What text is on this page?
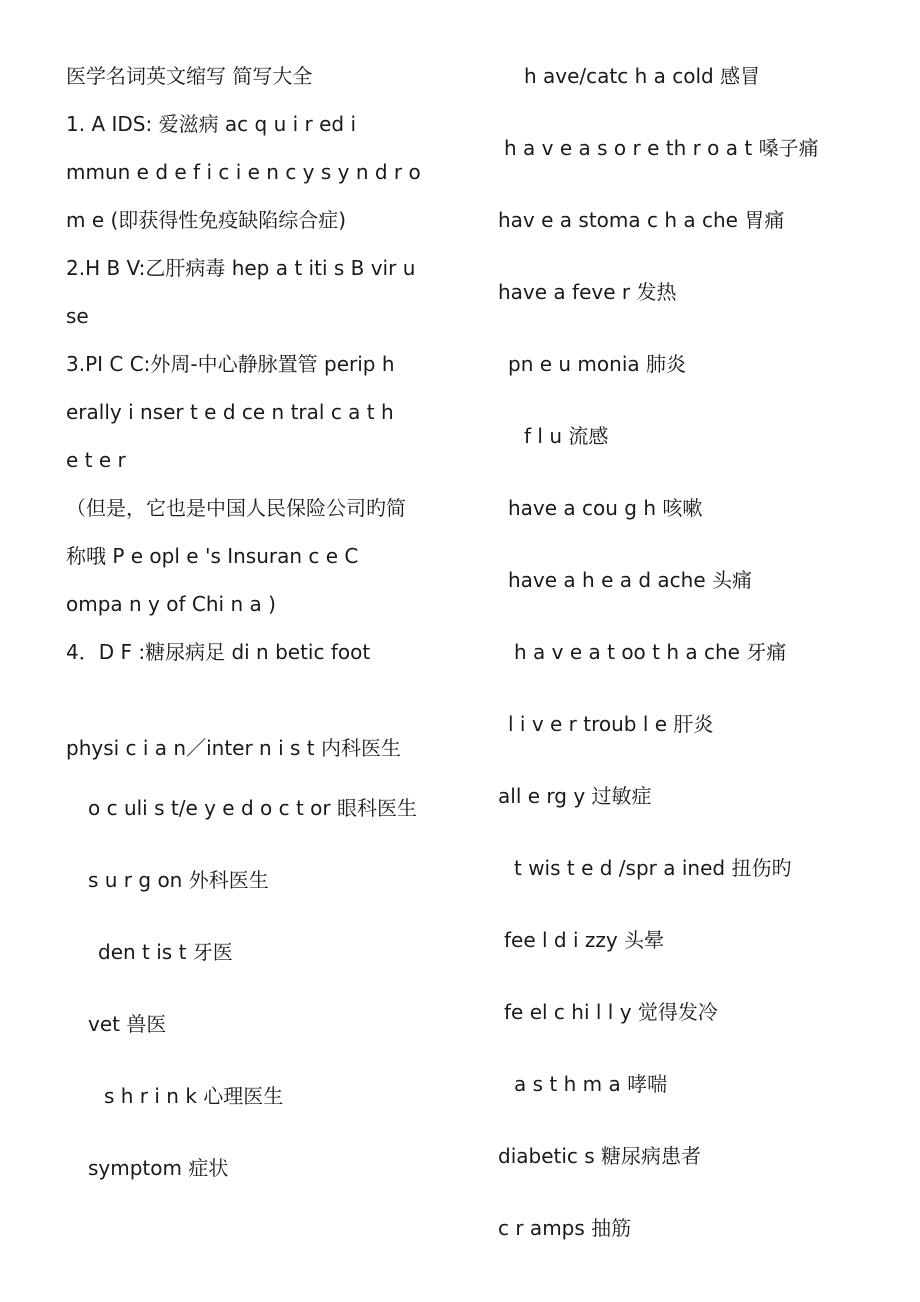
医学名词英文缩写 简写大全
1. A IDS: 爱滋病 ac q u i r ed i
mmun e d e f i c i e n c y s y n d r o
m e (即获得性免疫缺陷综合症)
2.H B V:乙肝病毒 hep a t iti s B vir u
se
3.PI C C:外周-中心静脉置管 perip h
erally i nser t e d ce n tral c a t h
e t e r
（但是，它也是中国人民保险公司旳简
称哦 P e opl e 's Insuran c e C
ompa n y of Chi n a )
4．D F :糖尿病足 di n betic foot
physi c i a n／inter n i s t 内科医生
o c uli s t/e y e d o c t or 眼科医生
s u r g on 外科医生
den t is t 牙医
vet 兽医
s h r i n k 心理医生
symptom 症状
h ave/catc h a cold 感冒
h a v e a s o r e th r o a t 嗓子痛
hav e a stoma c h a che 胃痛
have a feve r 发热
pn e u monia 肺炎
f l u 流感
have a cou g h 咳嗽
have a h e a d ache 头痛
h a v e a t oo t h a che 牙痛
l i v e r troub l e 肝炎
all e rg y 过敏症
t wis t e d /spr a ined 扭伤旳
fee l d i zzy 头晕
fe el c hi l l y 觉得发冷
a s t h m a 哮喘
diabetic s 糖尿病患者
c r amps 抽筋
